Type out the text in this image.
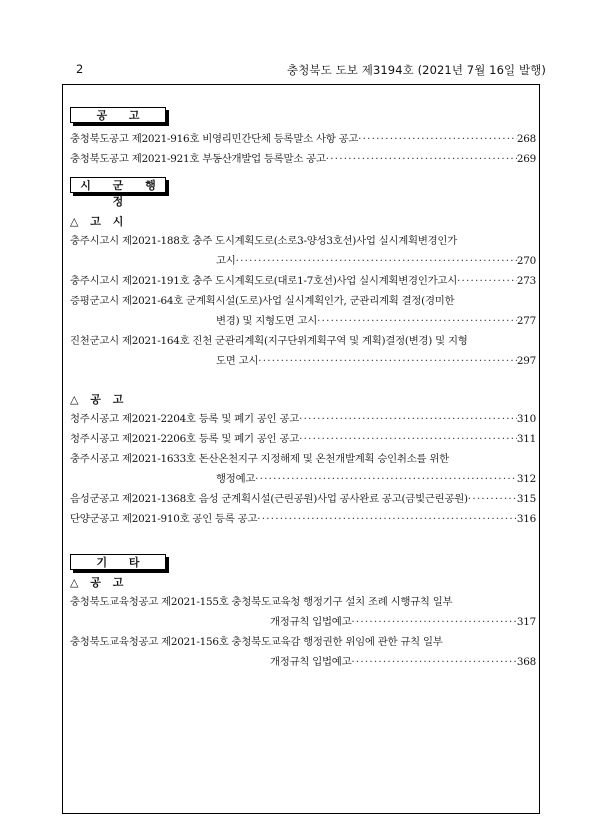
2	충청북도 도보 제3194호 (2021년 7월 16일 발행)
공 고
충청북도공고 제2021-916호 비영리민간단체 등록말소 사항 공고 ·····	268
충청북도공고 제2021-921호 부동산개발업 등록말소 공고 ·····	269
시 군 행 정
△ 고 시
충주시고시 제2021-188호 충주 도시계획도로(소로3-양성3호선)사업 실시계획변경인가
고시 ·····	270
충주시고시 제2021-191호 충주 도시계획도로(대로1-7호선)사업 실시계획변경인가고시 ·····	273
증평군고시 제2021-64호 군계획시설(도로)사업 실시계획인가, 군관리계획 결정(경미한
변경) 및 지형도면 고시 ·····	277
진천군고시 제2021-164호 진천 군관리계획(지구단위계획구역 및 계획)결정(변경) 및 지형
도면 고시 ·····	297
△ 공 고
청주시공고 제2021-2204호 등록 및 폐기 공인 공고 ·····	310
청주시공고 제2021-2206호 등록 및 폐기 공인 공고 ·····	311
충주시공고 제2021-1633호 돈산온천지구 지정해제 및 온천개발계획 승인취소를 위한
행정예고 ·····	312
음성군공고 제2021-1368호 음성 군계획시설(근린공원)사업 공사완료 공고(금빛근린공원) ·····	315
단양군공고 제2021-910호 공인 등록 공고 ·····	316
기 타
△ 공 고
충청북도교육청공고 제2021-155호 충청북도교육청 행정기구 설치 조례 시행규칙 일부
개정규칙 입법예고 ·····	317
충청북도교육청공고 제2021-156호 충청북도교육감 행정권한 위임에 관한 규칙 일부
개정규칙 입법예고 ·····	368
